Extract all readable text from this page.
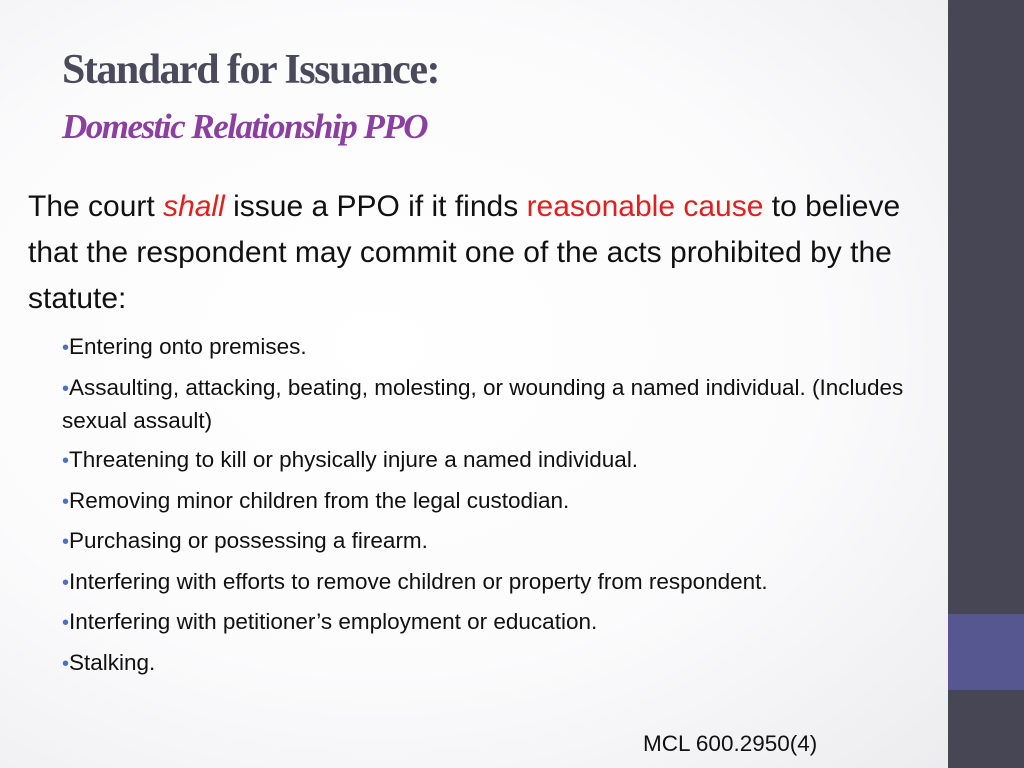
Standard for Issuance:
Domestic Relationship PPO

The court shall issue a PPO if it finds reasonable cause to believe that the respondent may commit one of the acts prohibited by the statute:

•Entering onto premises.
•Assaulting, attacking, beating, molesting, or wounding a named individual. (Includes sexual assault)
•Threatening to kill or physically injure a named individual.
•Removing minor children from the legal custodian.
•Purchasing or possessing a firearm.
•Interfering with efforts to remove children or property from respondent.
•Interfering with petitioner’s employment or education.
•Stalking.

MCL 600.2950(4)
